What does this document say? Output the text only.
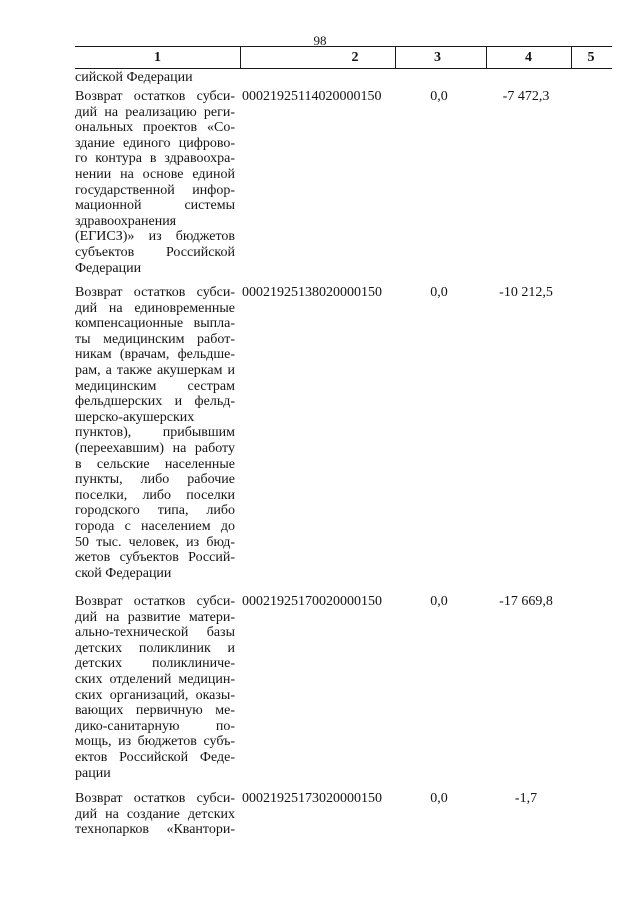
98
1	2	3	4	5
сийской Федерации
Возврат остатков субси-
дий на реализацию реги-
ональных проектов «Со-
здание единого цифрово-
го контура в здравоохра-
нении на основе единой
государственной инфор-
мационной системы
здравоохранения
(ЕГИСЗ)» из бюджетов
субъектов Российской
Федерации
00021925114020000150	0,0	-7 472,3
Возврат остатков субси-
дий на единовременные
компенсационные выпла-
ты медицинским работ-
никам (врачам, фельдше-
рам, а также акушеркам и
медицинским сестрам
фельдшерских и фельд-
шерско-акушерских
пунктов), прибывшим
(переехавшим) на работу
в сельские населенные
пункты, либо рабочие
поселки, либо поселки
городского типа, либо
города с населением до
50 тыс. человек, из бюд-
жетов субъектов Россий-
ской Федерации
00021925138020000150	0,0	-10 212,5
Возврат остатков субси-
дий на развитие матери-
ально-технической базы
детских поликлиник и
детских поликлиниче-
ских отделений медицин-
ских организаций, оказы-
вающих первичную ме-
дико-санитарную по-
мощь, из бюджетов субъ-
ектов Российской Феде-
рации
00021925170020000150	0,0	-17 669,8
Возврат остатков субси-
дий на создание детских
технопарков «Квантори-
00021925173020000150	0,0	-1,7
